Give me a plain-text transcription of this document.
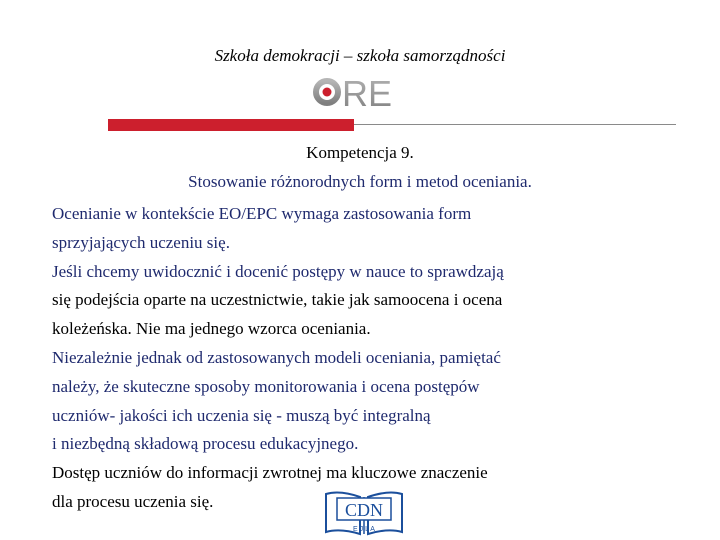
Szkoła demokracji – szkoła samorządności
RE
Kompetencja 9.
Stosowanie różnorodnych form i metod oceniania.
Ocenianie w kontekście EO/EPC wymaga zastosowania form
sprzyjających uczeniu się.
Jeśli chcemy uwidocznić i docenić postępy w nauce to sprawdzają
się podejścia oparte na uczestnictwie, takie jak samoocena i ocena
koleżeńska. Nie ma jednego wzorca oceniania.
Niezależnie jednak od zastosowanych modeli oceniania, pamiętać
należy, że skuteczne sposoby monitorowania i ocena postępów
uczniów- jakości ich uczenia się - muszą być integralną
i niezbędną składową procesu edukacyjnego.
Dostęp uczniów do informacji zwrotnej ma kluczowe znaczenie
dla procesu uczenia się.	CDN
E J L A
